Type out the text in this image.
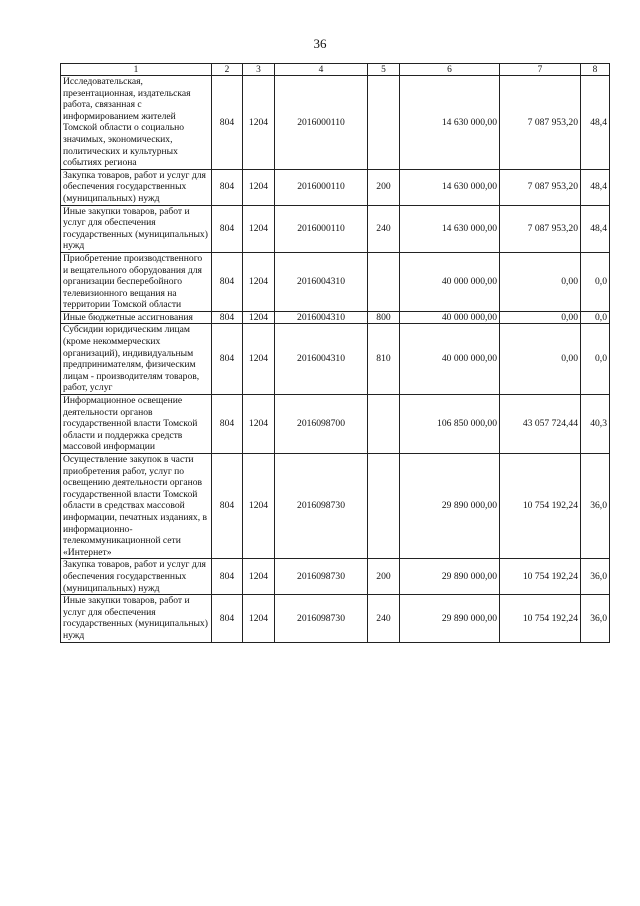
36
1	2	3	4	5	6	7	8
Исследовательская, презентационная, издательская работа, связанная с информированием жителей Томской области о социально значимых, экономических, политических и культурных событиях региона	804	1204	2016000110		14 630 000,00	7 087 953,20	48,4
Закупка товаров, работ и услуг для обеспечения государственных (муниципальных) нужд	804	1204	2016000110	200	14 630 000,00	7 087 953,20	48,4
Иные закупки товаров, работ и услуг для обеспечения государственных (муниципальных) нужд	804	1204	2016000110	240	14 630 000,00	7 087 953,20	48,4
Приобретение производственного и вещательного оборудования для организации бесперебойного телевизионного вещания на территории Томской области	804	1204	2016004310		40 000 000,00	0,00	0,0
Иные бюджетные ассигнования	804	1204	2016004310	800	40 000 000,00	0,00	0,0
Субсидии юридическим лицам (кроме некоммерческих организаций), индивидуальным предпринимателям, физическим лицам - производителям товаров, работ, услуг	804	1204	2016004310	810	40 000 000,00	0,00	0,0
Информационное освещение деятельности органов государственной власти Томской области и поддержка средств массовой информации	804	1204	2016098700		106 850 000,00	43 057 724,44	40,3
Осуществление закупок в части приобретения работ, услуг по освещению деятельности органов государственной власти Томской области в средствах массовой информации, печатных изданиях, в информационно-телекоммуникационной сети «Интернет»	804	1204	2016098730		29 890 000,00	10 754 192,24	36,0
Закупка товаров, работ и услуг для обеспечения государственных (муниципальных) нужд	804	1204	2016098730	200	29 890 000,00	10 754 192,24	36,0
Иные закупки товаров, работ и услуг для обеспечения государственных (муниципальных) нужд	804	1204	2016098730	240	29 890 000,00	10 754 192,24	36,0
